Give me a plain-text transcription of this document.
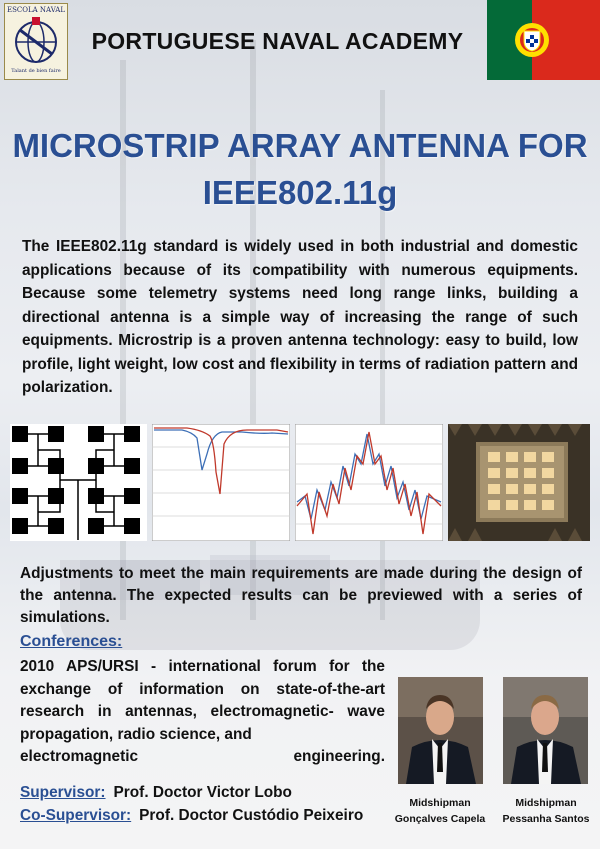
ESCOLA NAVAL
Talant de bien faire
PORTUGUESE NAVAL ACADEMY
MICROSTRIP ARRAY ANTENNA FOR
IEEE802.11g
The IEEE802.11g standard is widely used in both industrial and domestic applications because of its compatibility with numerous equipments. Because some telemetry systems need long range links, building a directional antenna is a simple way of increasing the range of such equipments. Microstrip is a proven antenna technology: easy to build, low profile, light weight, low cost and flexibility in terms of radiation pattern and polarization.
Adjustments to meet the main requirements are made during the design of the antenna. The expected results can be previewed with a series of simulations.
Conferences:
2010 APS/URSI - international forum for the exchange of information on state-of-the-art research in antennas, electromagnetic- wave propagation, radio science, and
electromagnetic engineering.
Midshipman
Gonçalves Capela
Midshipman
Pessanha Santos
Supervisor: Prof. Doctor Victor Lobo
Co-Supervisor: Prof. Doctor Custódio Peixeiro
